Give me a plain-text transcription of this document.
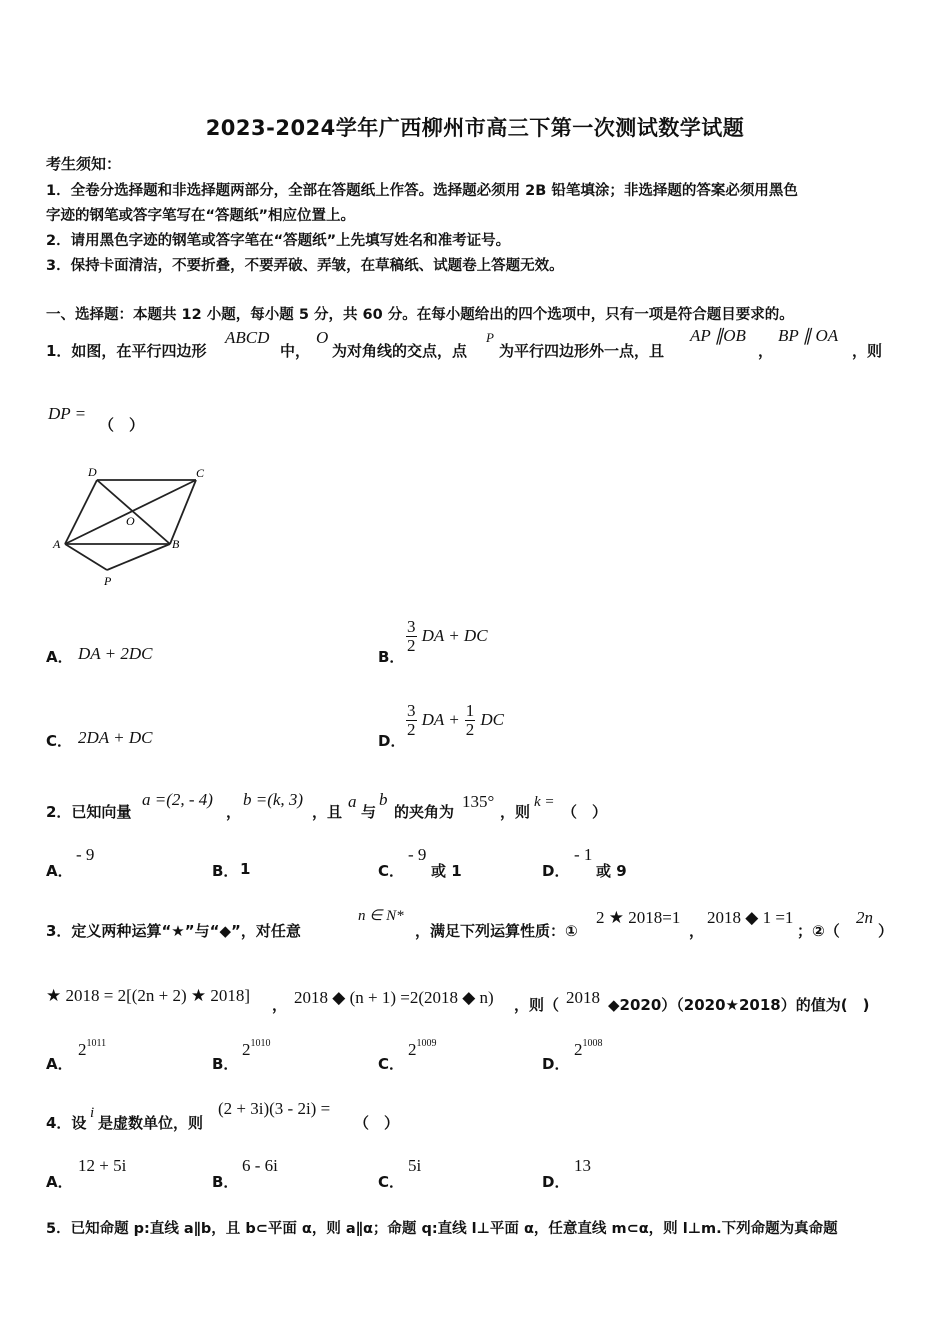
2023-2024学年广西柳州市高三下第一次测试数学试题
考生须知：
1．全卷分选择题和非选择题两部分，全部在答题纸上作答。选择题必须用 2B 铅笔填涂；非选择题的答案必须用黑色
字迹的钢笔或答字笔写在“答题纸”相应位置上。
2．请用黑色字迹的钢笔或答字笔在“答题纸”上先填写姓名和准考证号。
3．保持卡面清洁，不要折叠，不要弄破、弄皱，在草稿纸、试题卷上答题无效。
一、选择题：本题共 12 小题，每小题 5 分，共 60 分。在每小题给出的四个选项中，只有一项是符合题目要求的。
1．如图，在平行四边形
ABCD
中，
O
为对角线的交点，点
P
为平行四边形外一点，且
AP ∥OB
，
BP ∥ OA
，则
DP =
（　）
D	C
O
A	B
P
A． DA + 2DC	B．
$\frac{3}{2}$ DA + DC
C． 2DA + DC	D．
$\frac{3}{2}$ DA + $\frac{1}{2}$ DC
2．已知向量
a =(2, - 4)
，
b =(k, 3)
，且
a
与
b
的夹角为
135°
，则
k =
（　）
A．
- 9
B． 1	C．
- 9
或 1	D．
- 1
或 9
3．定义两种运算“★”与“◆”，对任意
n ∈ N*
，满足下列运算性质：①
2 ★ 2018=1
，
2018 ◆ 1 =1
；②（
2n
）
★ 2018 = 2[(2n + 2) ★ 2018] ， 2018 ◆ (n + 1) =2(2018 ◆ n) ，则（ 2018 ◆2020）（2020★2018）的值为(　)
A．
$2^{1011}$
B．
$2^{1010}$
C．
$2^{1009}$
D．
$2^{1008}$
4．设
i
是虚数单位，则
(2 + 3i)(3 - 2i) =
（　）
A．
12 + 5i
B．
6 - 6i
C．
5i
D．
13
5．已知命题 p:直线 a∥b，且 b⊂平面 α，则 a∥α；命题 q:直线 l⊥平面 α，任意直线 m⊂α，则 l⊥m.下列命题为真命题
